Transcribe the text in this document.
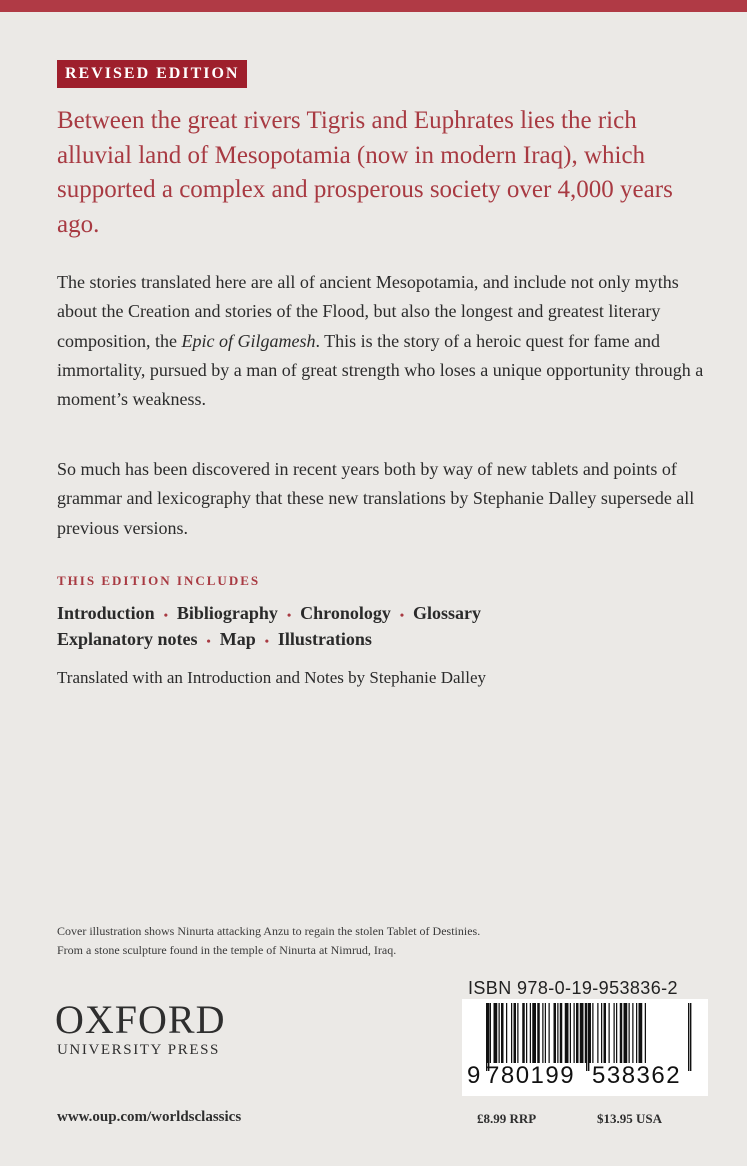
REVISED EDITION

Between the great rivers Tigris and Euphrates lies the rich alluvial land of Mesopotamia (now in modern Iraq), which supported a complex and prosperous society over 4,000 years ago.

The stories translated here are all of ancient Mesopotamia, and include not only myths about the Creation and stories of the Flood, but also the longest and greatest literary composition, the Epic of Gilgamesh. This is the story of a heroic quest for fame and immortality, pursued by a man of great strength who loses a unique opportunity through a moment’s weakness.

So much has been discovered in recent years both by way of new tablets and points of grammar and lexicography that these new translations by Stephanie Dalley supersede all previous versions.

THIS EDITION INCLUDES

Introduction • Bibliography • Chronology • Glossary

Explanatory notes • Map • Illustrations

Translated with an Introduction and Notes by Stephanie Dalley

Cover illustration shows Ninurta attacking Anzu to regain the stolen Tablet of Destinies.
From a stone sculpture found in the temple of Ninurta at Nimrud, Iraq.

ISBN 978-0-19-953836-2

9 780199 538362

OXFORD

UNIVERSITY PRESS

www.oup.com/worldsclassics	£8.99 RRP	$13.95 USA
